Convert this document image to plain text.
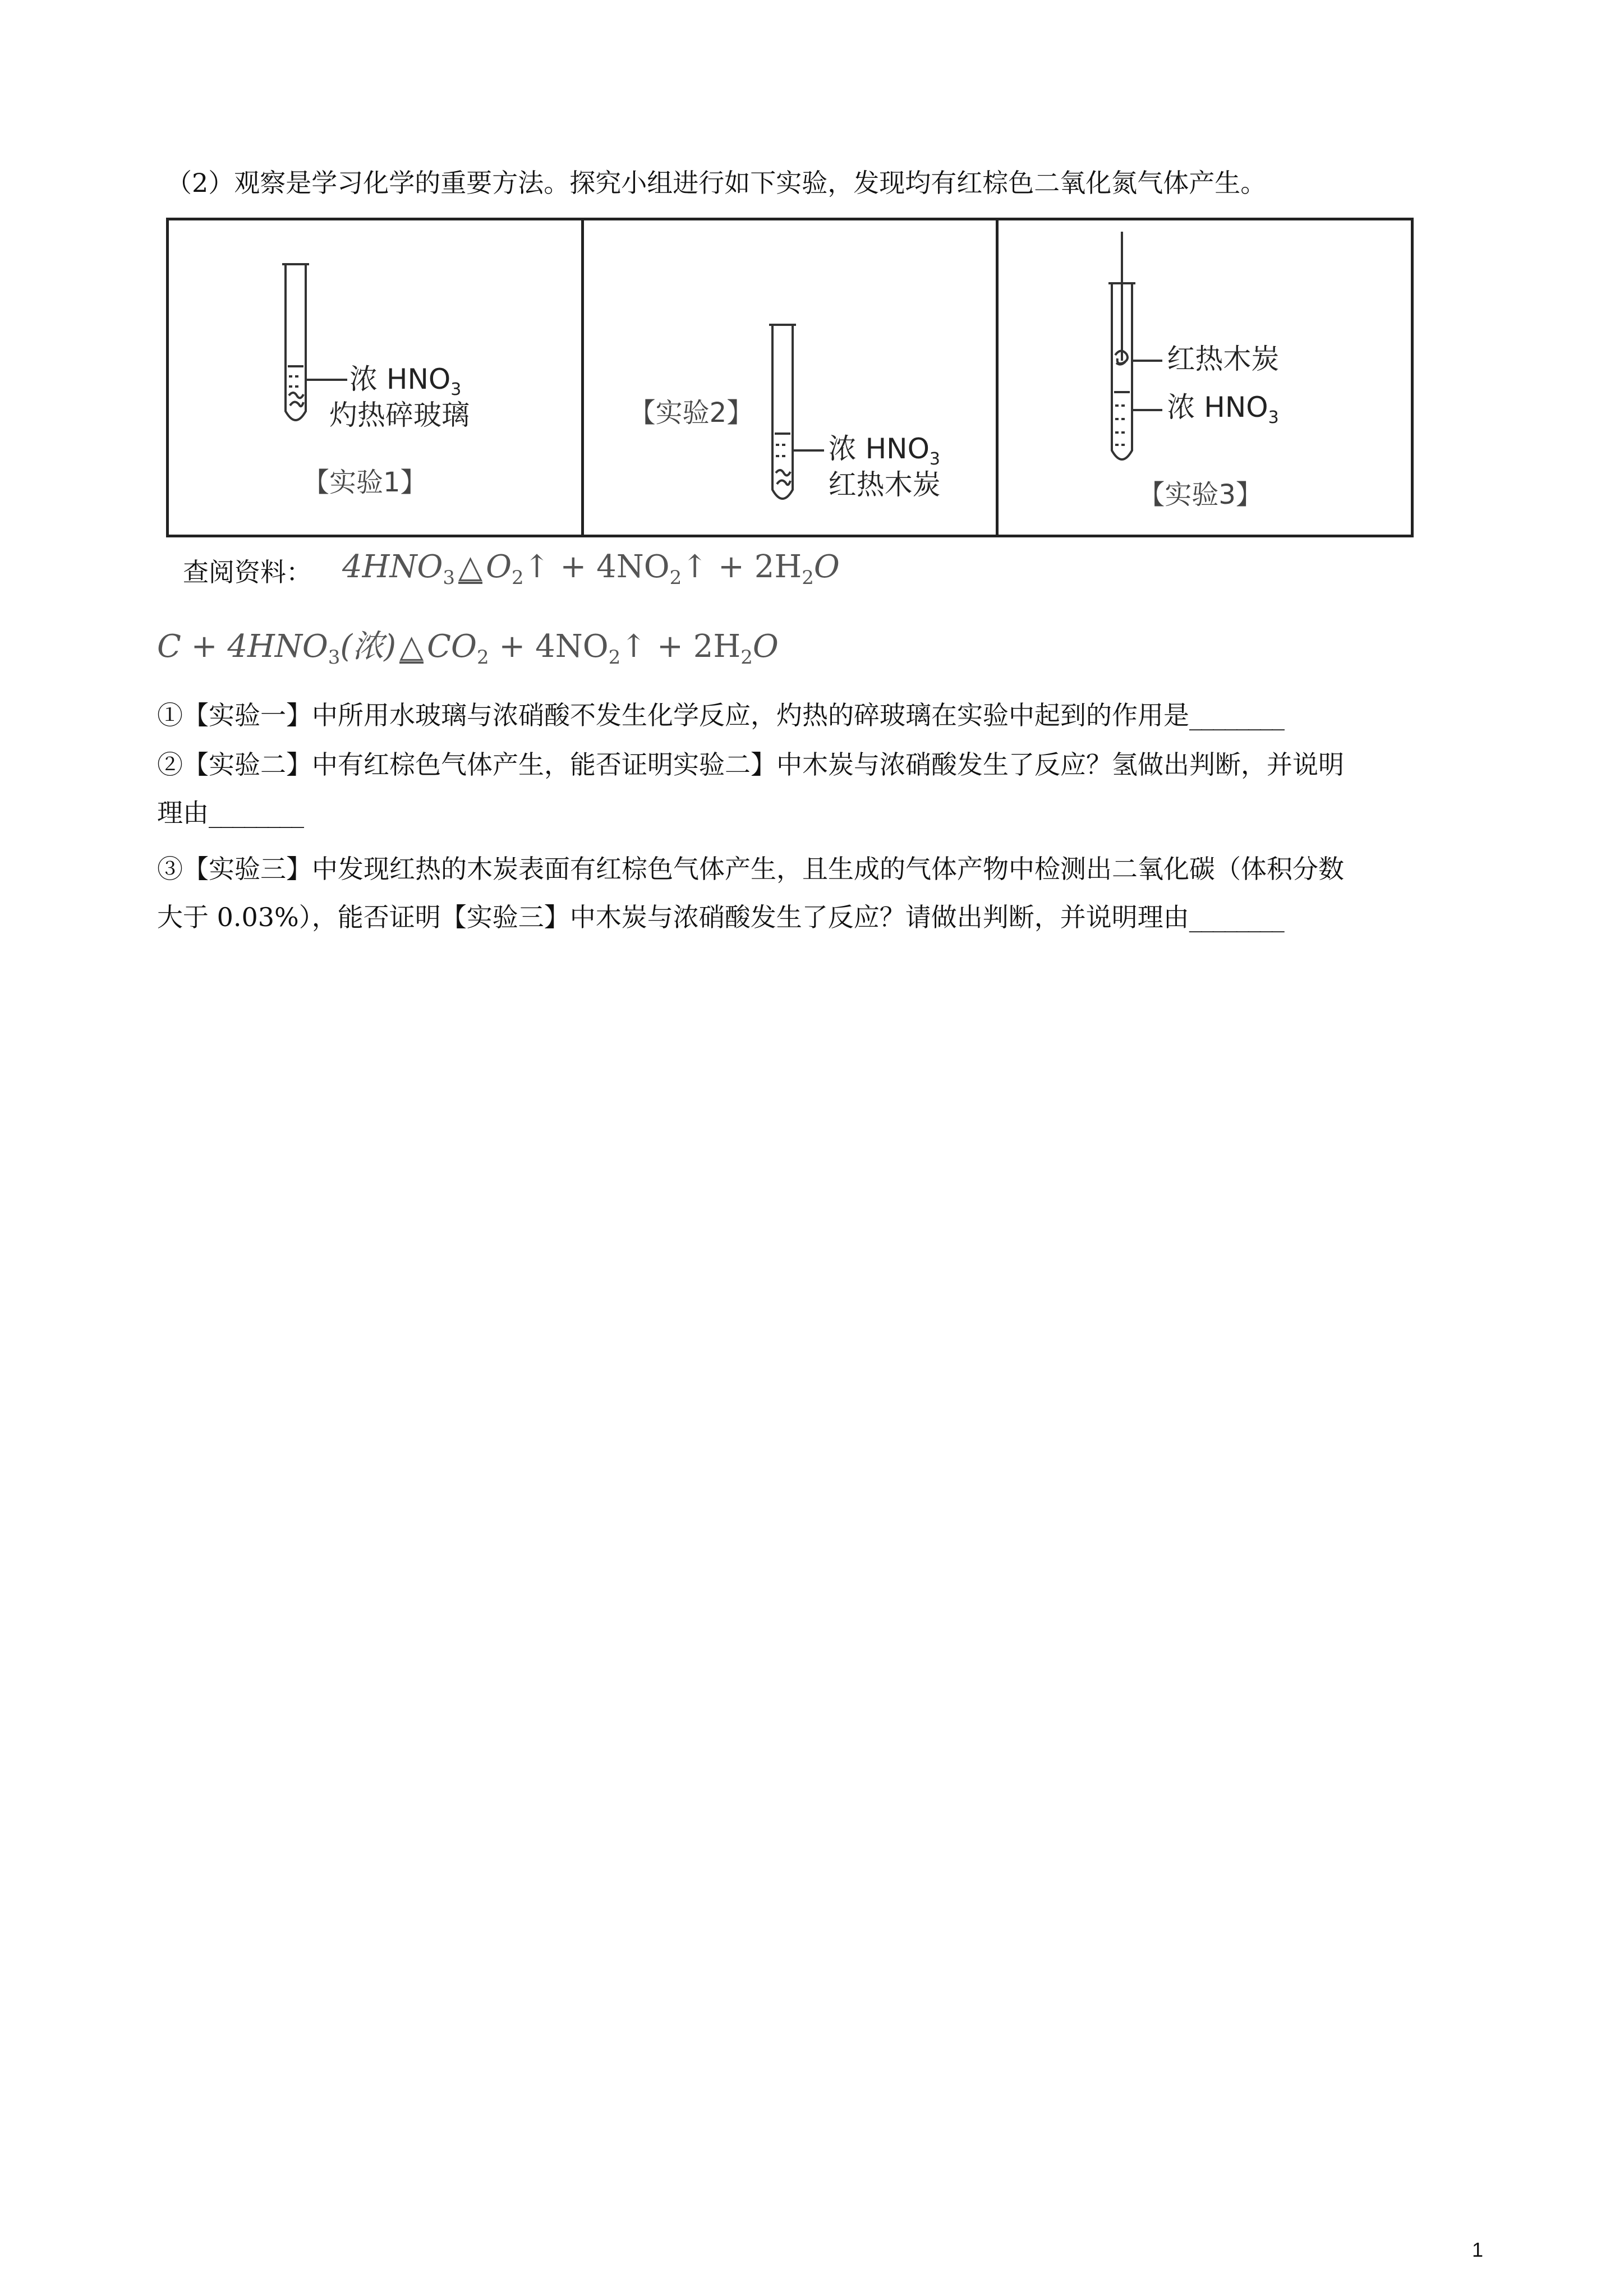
（2）观察是学习化学的重要方法。探究小组进行如下实验，发现均有红棕色二氧化氮气体产生。
浓 $HNO_3$
灼热碎玻璃
【实验1】
【实验2】
浓 $HNO_3$
红热木炭
红热木炭
浓 $HNO_3$
【实验3】
查阅资料： $4HNO_3$ △ $O_2↑$ + $4NO_2↑ + 2H_2O$
$C + 4HNO_3$(浓) △ $CO_2$ + $4NO_2↑ + 2H_2O$
①【实验一】中所用水玻璃与浓硝酸不发生化学反应，灼热的碎玻璃在实验中起到的作用是________
②【实验二】中有红棕色气体产生，能否证明实验二】中木炭与浓硝酸发生了反应？氢做出判断，并说明
理由________
③【实验三】中发现红热的木炭表面有红棕色气体产生，且生成的气体产物中检测出二氧化碳（体积分数
大于 0.03%），能否证明【实验三】中木炭与浓硝酸发生了反应？请做出判断，并说明理由________
1
